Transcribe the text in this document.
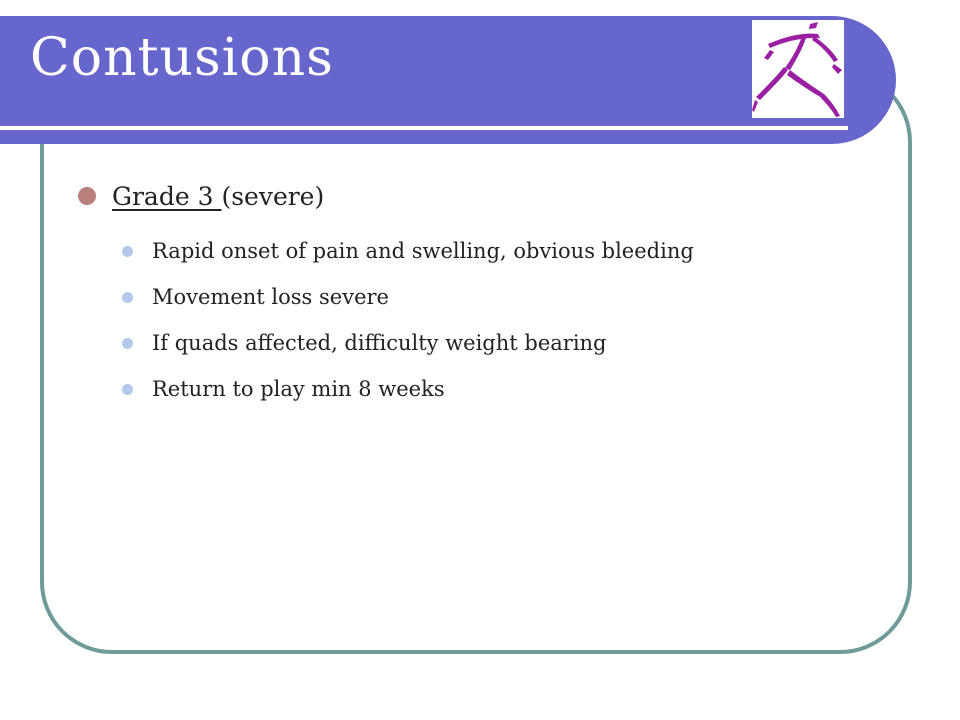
Contusions
Grade 3 (severe)
Rapid onset of pain and swelling, obvious bleeding
Movement loss severe
If quads affected, difficulty weight bearing
Return to play min 8 weeks
